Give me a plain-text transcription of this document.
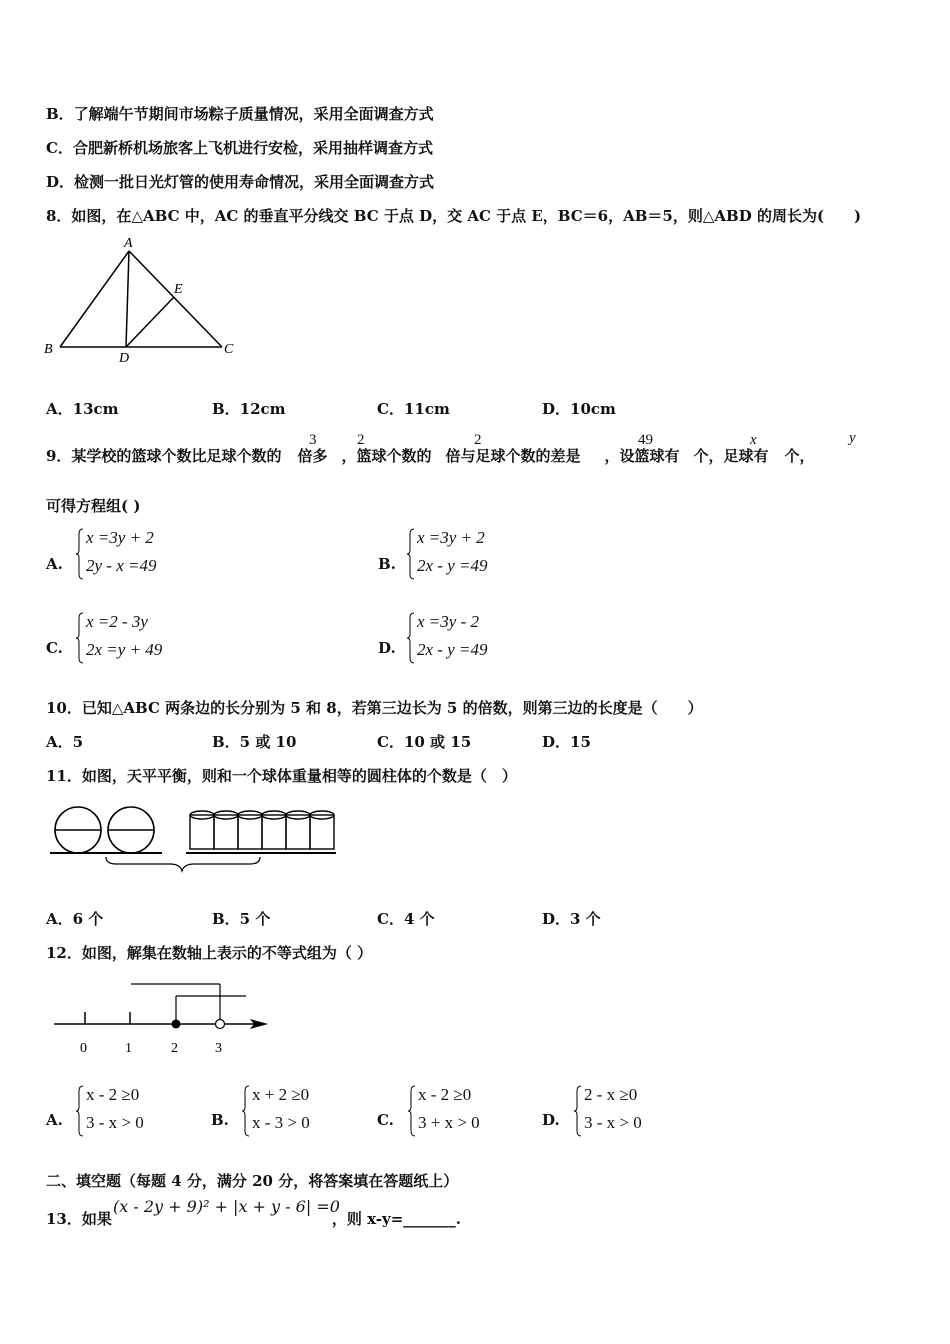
B．了解端午节期间市场粽子质量情况，采用全面调查方式
C．合肥新桥机场旅客上飞机进行安检，采用抽样调查方式
D．检测一批日光灯管的使用寿命情况，采用全面调查方式
8．如图，在△ABC 中，AC 的垂直平分线交 BC 于点 D，交 AC 于点 E，BC＝6，AB＝5，则△ABD 的周长为(　　)
A
E
B
D
C
A．13cm	B．12cm	C．11cm	D．10cm
9．某学校的篮球个数比足球个数的 倍多 ，篮球个数的 倍与足球个数的差是 ，设篮球有 个，足球有 个，
3	2	2	49	x	y
可得方程组( )
A.
x =3y + 2
2y - x =49	B.
x =3y + 2
2x - y =49
C.
x =2 - 3y
2x =y + 49	D.
x =3y - 2
2x - y =49
10．已知△ABC 两条边的长分别为 5 和 8，若第三边长为 5 的倍数，则第三边的长度是（　　）
A．5	B．5 或 10	C．10 或 15	D．15
11．如图，天平平衡，则和一个球体重量相等的圆柱体的个数是（　）
A．6 个	B．5 个	C．4 个	D．3 个
12．如图，解集在数轴上表示的不等式组为（ ）
0	1	2	3
A.
x - 2 ≥0
3 - x > 0	B.
x + 2 ≥0
x - 3 > 0	C.
x - 2 ≥0
3 + x > 0	D.
2 - x ≥0
3 - x > 0
二、填空题（每题 4 分，满分 20 分，将答案填在答题纸上）
13．如果	，则 x-y=_______.
(x - 2y + 9)² + |x + y - 6| =0
